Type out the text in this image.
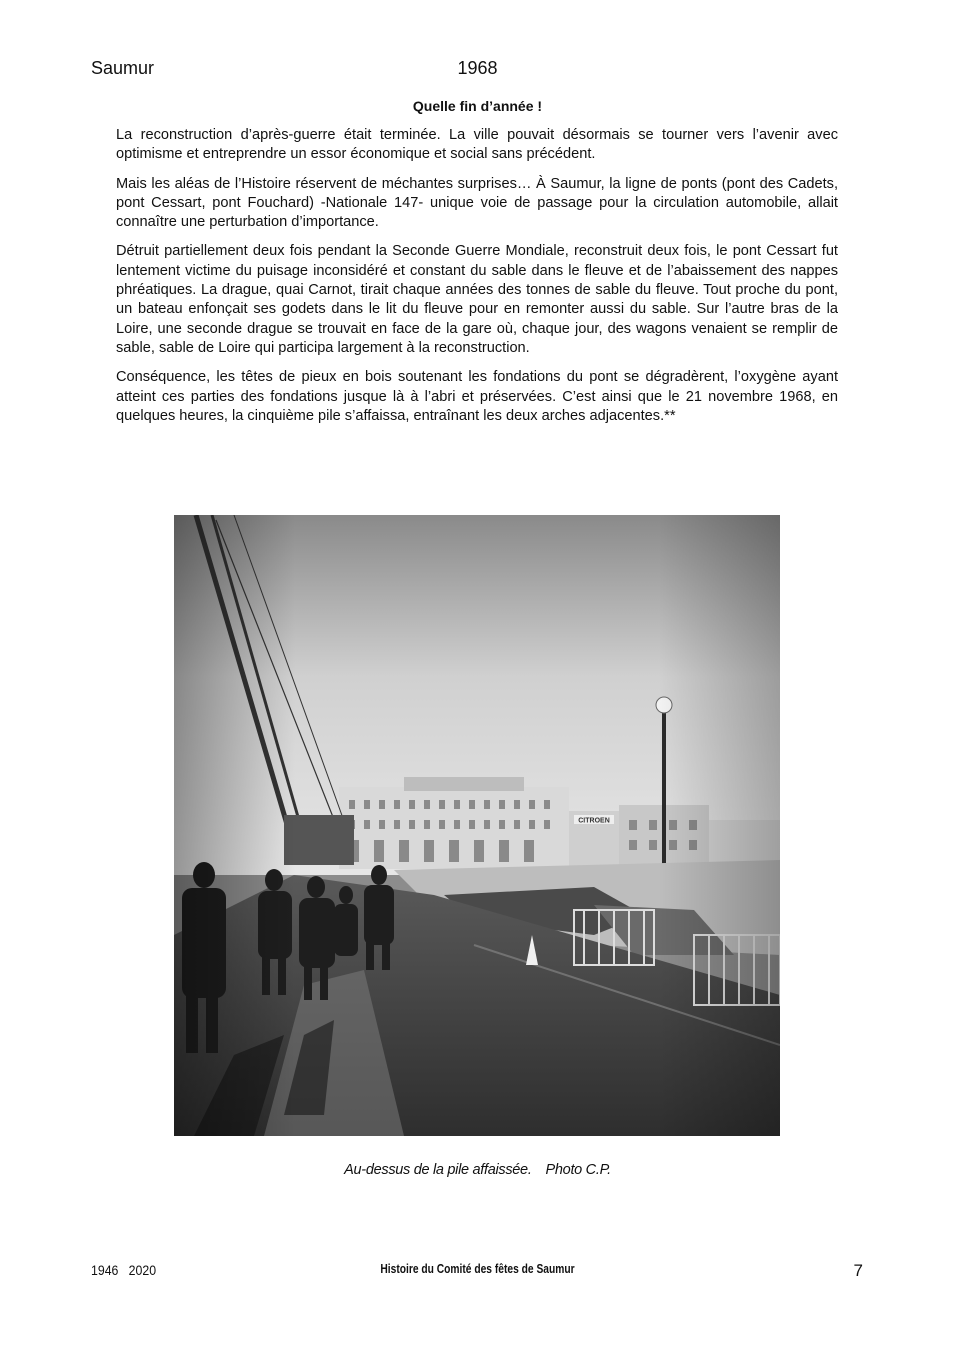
Saumur	1968
Quelle fin d’année !

La reconstruction d’après-guerre était terminée. La ville pouvait désormais se tourner vers l’avenir avec optimisme et entreprendre un essor économique et social sans précédent.

Mais les aléas de l’Histoire réservent de méchantes surprises… À Saumur, la ligne de ponts (pont des Cadets, pont Cessart, pont Fouchard) -Nationale 147- unique voie de passage pour la circulation automobile, allait connaître une perturbation d’importance.

Détruit partiellement deux fois pendant la Seconde Guerre Mondiale, reconstruit deux fois, le pont Cessart fut lentement victime du puisage inconsidéré et constant du sable dans le fleuve et de l’abaissement des nappes phréatiques. La drague, quai Carnot, tirait chaque années des tonnes de sable du fleuve. Tout proche du pont, un bateau enfonçait ses godets dans le lit du fleuve pour en remonter aussi du sable. Sur l’autre bras de la Loire, une seconde drague se trouvait en face de la gare où, chaque jour, des wagons venaient se remplir de sable, sable de Loire qui participa largement à la reconstruction.

Conséquence, les têtes de pieux en bois soutenant les fondations du pont se dégradèrent, l’oxygène ayant atteint ces parties des fondations jusque là à l’abri et préservées. C’est ainsi que le 21 novembre 1968, en quelques heures, la cinquième pile s’affaissa, entraînant les deux arches adjacentes.**

Au-dessus de la pile affaissée. Photo C.P.
1946   2020	Histoire du Comité des fêtes de Saumur	7
